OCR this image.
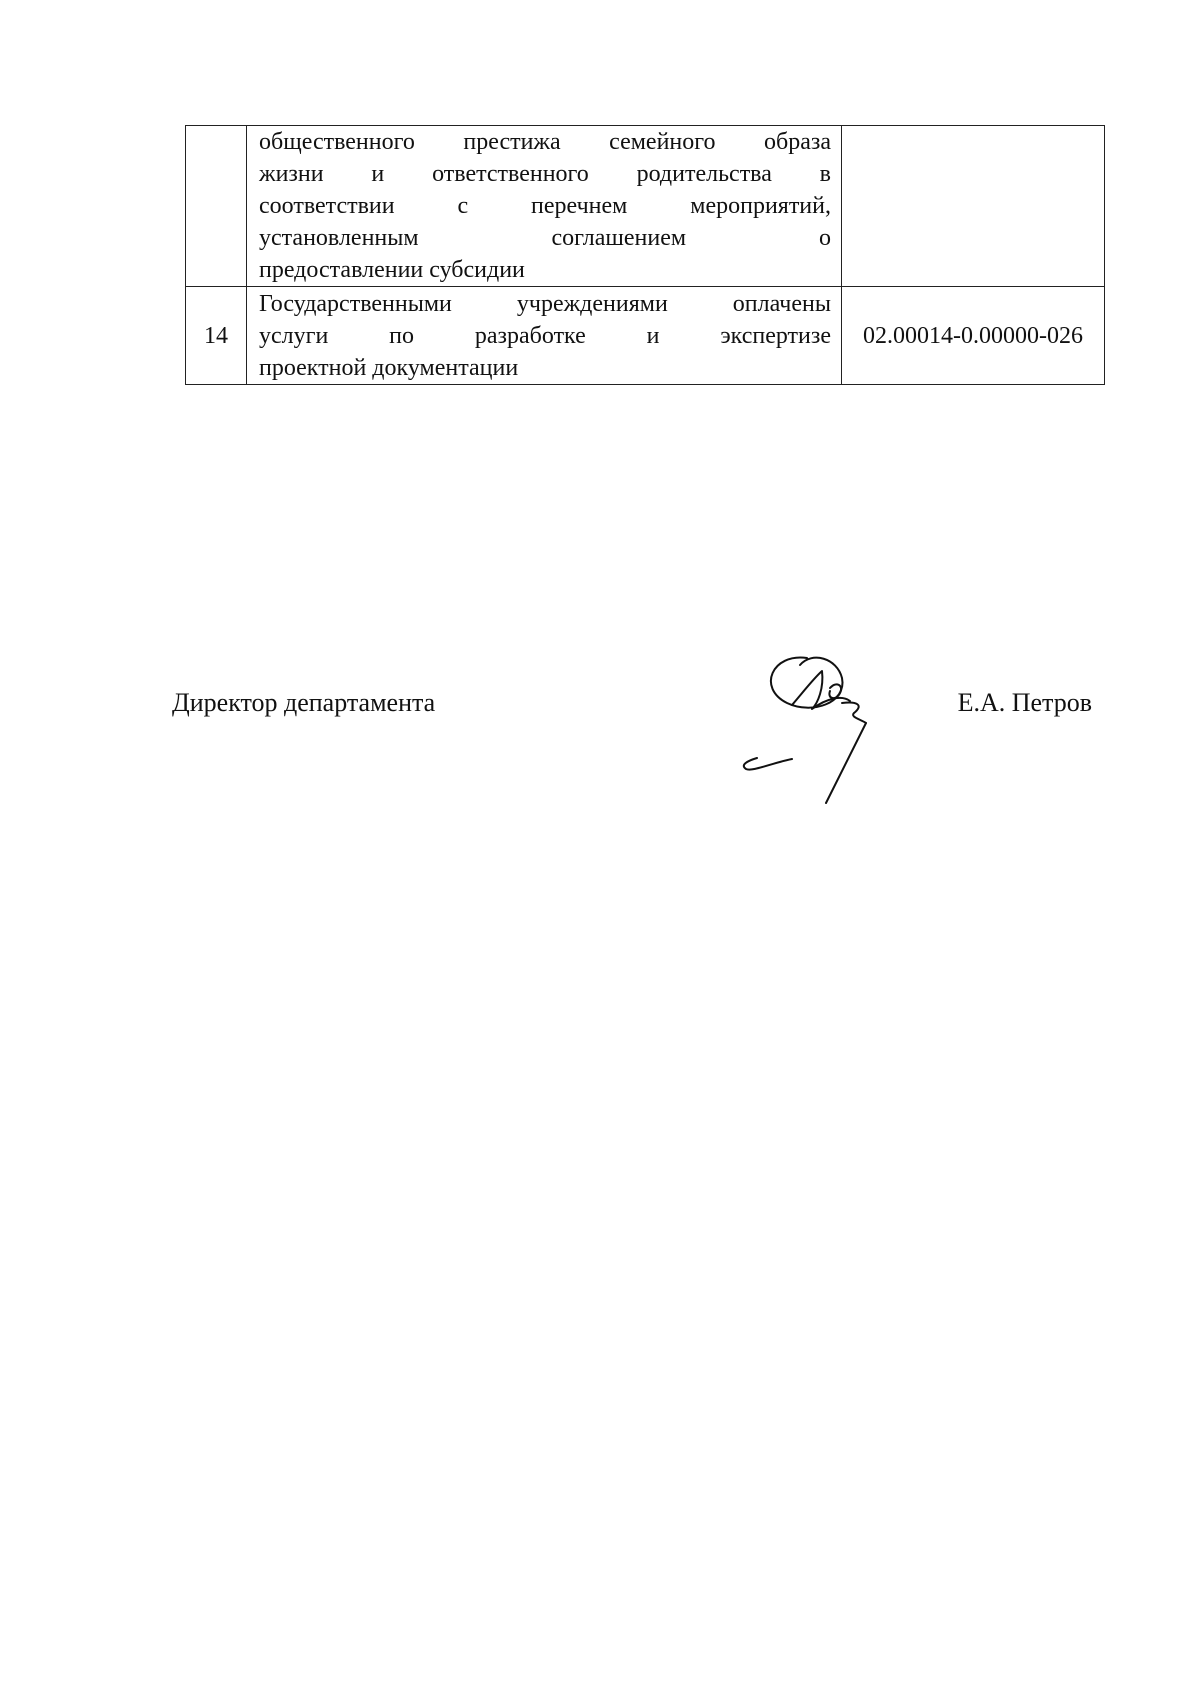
	общественного престижа семейного образа
жизни и ответственного родительства в
соответствии с перечнем мероприятий,
установленным соглашением о
предоставлении субсидии	

14	Государственными учреждениями оплачены
услуги по разработке и экспертизе
проектной документации	02.00014-0.00000-026
Директор департамента	Е.А. Петров
